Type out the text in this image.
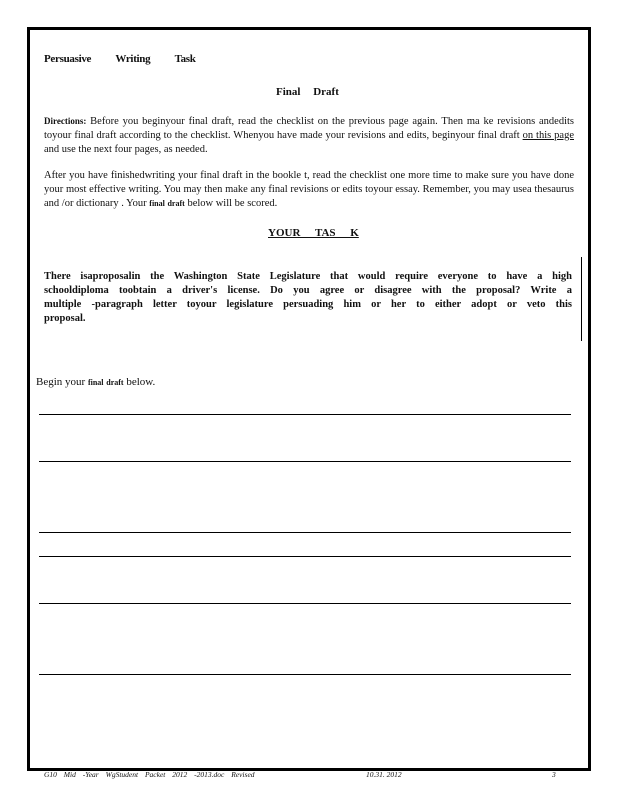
Persuasive Writing Task
Final Draft
Directions: Before you beginyour final draft, read the checklist on the previous page again. Then ma ke revisions andedits toyour final draft according to the checklist. Whenyou have made your revisions and edits, beginyour final draft on this page and use the next four pages, as needed.
After you have finishedwriting your final draft in the bookle t, read the checklist one more time to make sure you have done your most effective writing. You may then make any final revisions or edits toyour essay. Remember, you may usea thesaurus and /or dictionary . Your final draft below will be scored.
YOUR TAS K
There isaproposalin the Washington State Legislature that would require everyone to have a high schooldiploma toobtain a driver's license. Do you agree or disagree with the proposal? Write a multiple -paragraph letter toyour legislature persuading him or her to either adopt or veto this proposal.
Begin your final draft below.
G10 Mid -Year WgStudent Packet 2012 -2013.doc Revised	10.31. 2012	3
